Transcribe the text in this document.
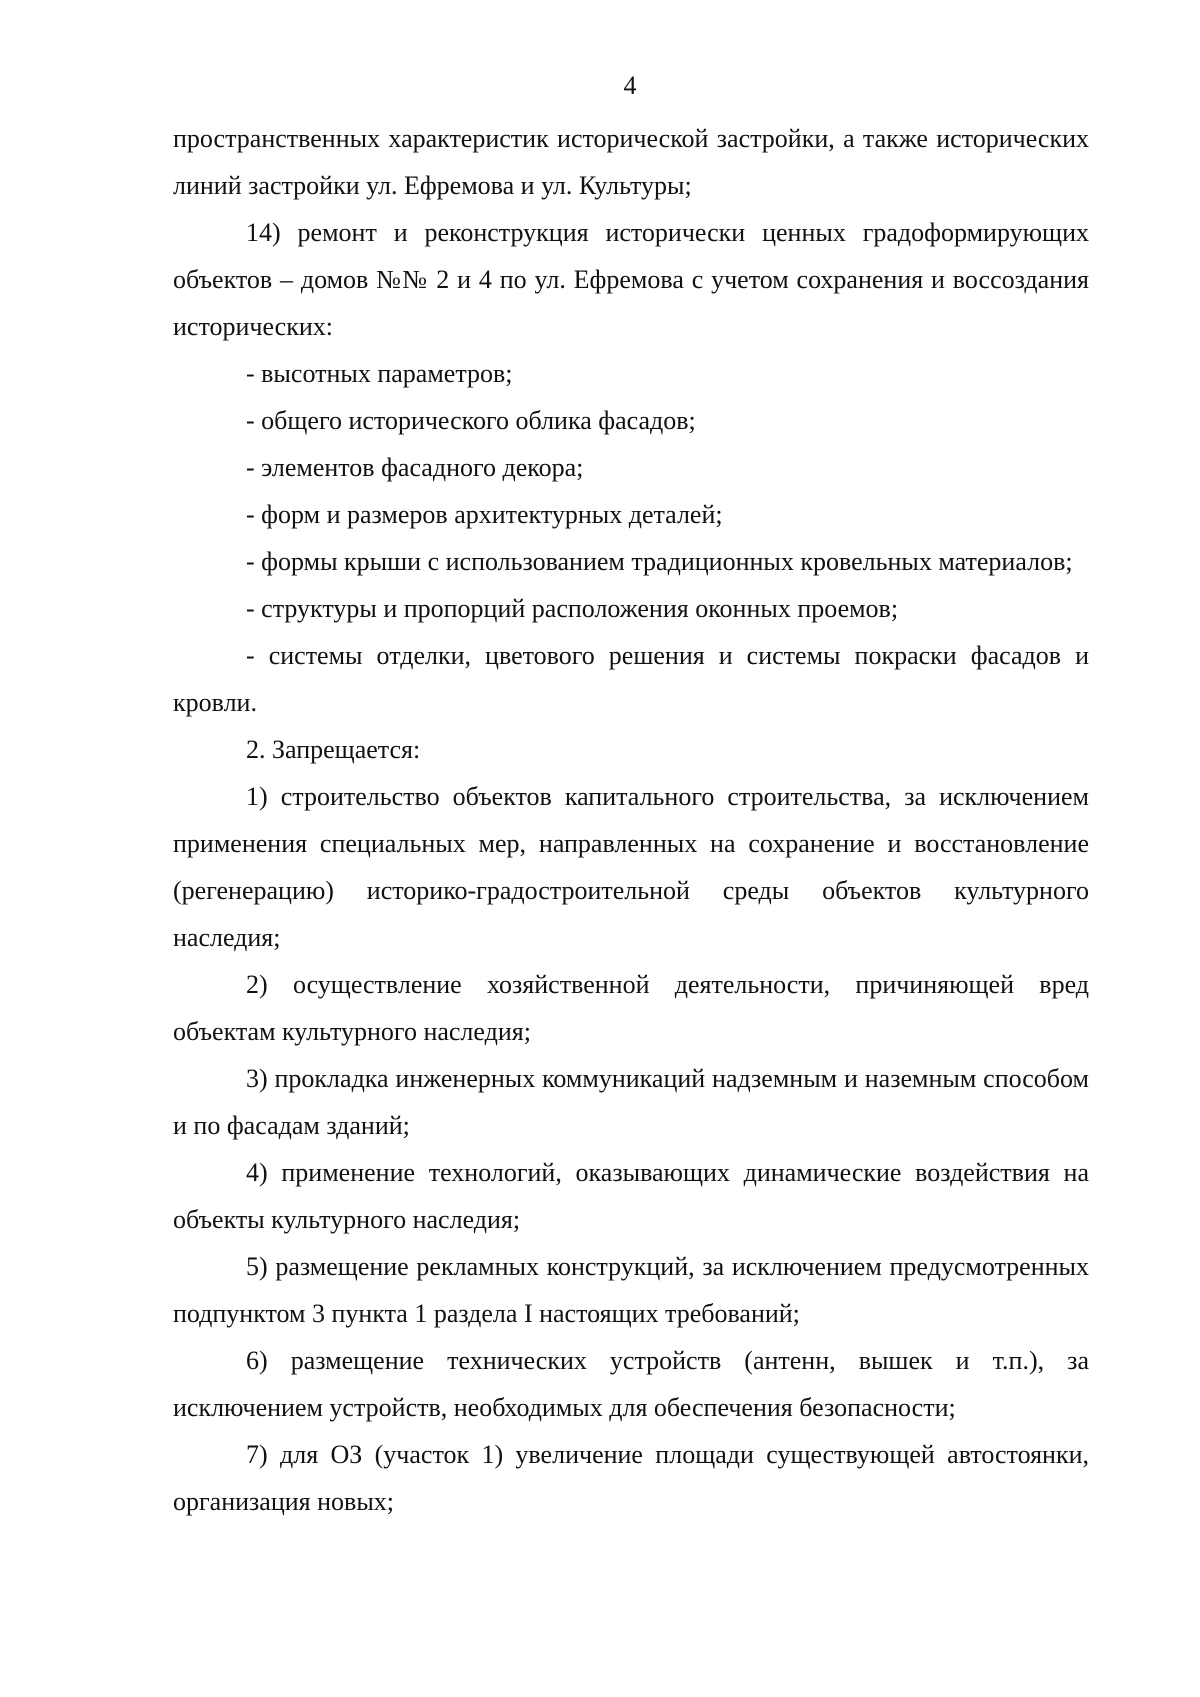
4

пространственных характеристик исторической застройки, а также исторических линий застройки ул. Ефремова и ул. Культуры;

14) ремонт и реконструкция исторически ценных градоформирующих объектов – домов №№ 2 и 4 по ул. Ефремова с учетом сохранения и воссоздания исторических:

- высотных параметров;

- общего исторического облика фасадов;

- элементов фасадного декора;

- форм и размеров архитектурных деталей;

- формы крыши с использованием традиционных кровельных материалов;

- структуры и пропорций расположения оконных проемов;

- системы отделки, цветового решения и системы покраски фасадов и кровли.

2. Запрещается:

1) строительство объектов капитального строительства, за исключением применения специальных мер, направленных на сохранение и восстановление (регенерацию) историко-градостроительной среды объектов культурного наследия;

2) осуществление хозяйственной деятельности, причиняющей вред объектам культурного наследия;

3) прокладка инженерных коммуникаций надземным и наземным способом и по фасадам зданий;

4) применение технологий, оказывающих динамические воздействия на объекты культурного наследия;

5) размещение рекламных конструкций, за исключением предусмотренных подпунктом 3 пункта 1 раздела I настоящих требований;

6) размещение технических устройств (антенн, вышек и т.п.), за исключением устройств, необходимых для обеспечения безопасности;

7) для ОЗ (участок 1) увеличение площади существующей автостоянки, организация новых;
